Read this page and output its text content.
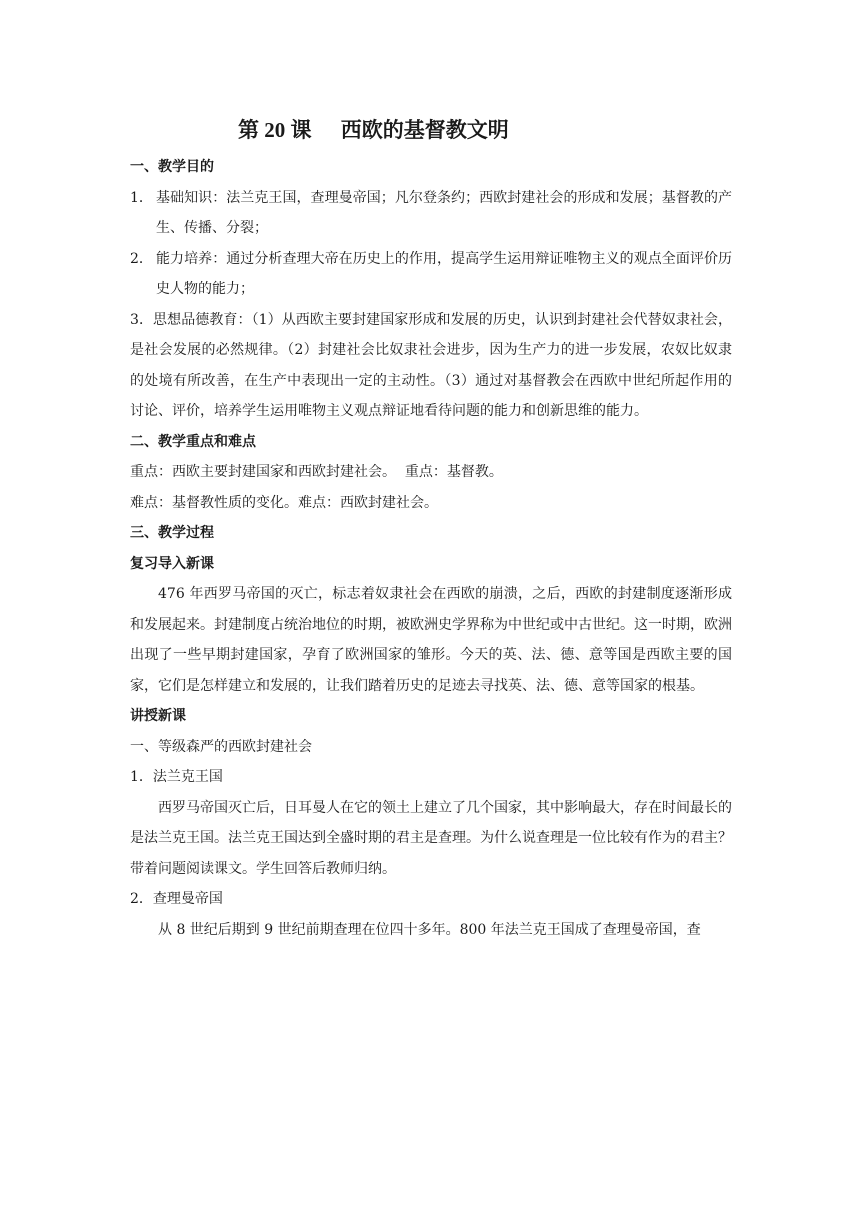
第 20 课 西欧的基督教文明

一、教学目的

1． 基础知识：法兰克王国，查理曼帝国；凡尔登条约；西欧封建社会的形成和发展；基督教的产生、传播、分裂；
2． 能力培养：通过分析查理大帝在历史上的作用，提高学生运用辩证唯物主义的观点全面评价历史人物的能力；

3．思想品德教育：（1）从西欧主要封建国家形成和发展的历史，认识到封建社会代替奴隶社会，是社会发展的必然规律。（2）封建社会比奴隶社会进步，因为生产力的进一步发展，农奴比奴隶的处境有所改善，在生产中表现出一定的主动性。（3）通过对基督教会在西欧中世纪所起作用的讨论、评价，培养学生运用唯物主义观点辩证地看待问题的能力和创新思维的能力。

二、教学重点和难点

重点：西欧主要封建国家和西欧封建社会。  重点：基督教。

难点：基督教性质的变化。难点：西欧封建社会。

三、教学过程

复习导入新课

476 年西罗马帝国的灭亡，标志着奴隶社会在西欧的崩溃，之后，西欧的封建制度逐渐形成和发展起来。封建制度占统治地位的时期，被欧洲史学界称为中世纪或中古世纪。这一时期，欧洲出现了一些早期封建国家，孕育了欧洲国家的雏形。今天的英、法、德、意等国是西欧主要的国家，它们是怎样建立和发展的，让我们踏着历史的足迹去寻找英、法、德、意等国家的根基。

讲授新课

一、等级森严的西欧封建社会

1．法兰克王国

西罗马帝国灭亡后，日耳曼人在它的领土上建立了几个国家，其中影响最大，存在时间最长的是法兰克王国。法兰克王国达到全盛时期的君主是查理。为什么说查理是一位比较有作为的君主？带着问题阅读课文。学生回答后教师归纳。

2．查理曼帝国

从 8 世纪后期到 9 世纪前期查理在位四十多年。800 年法兰克王国成了查理曼帝国，查
